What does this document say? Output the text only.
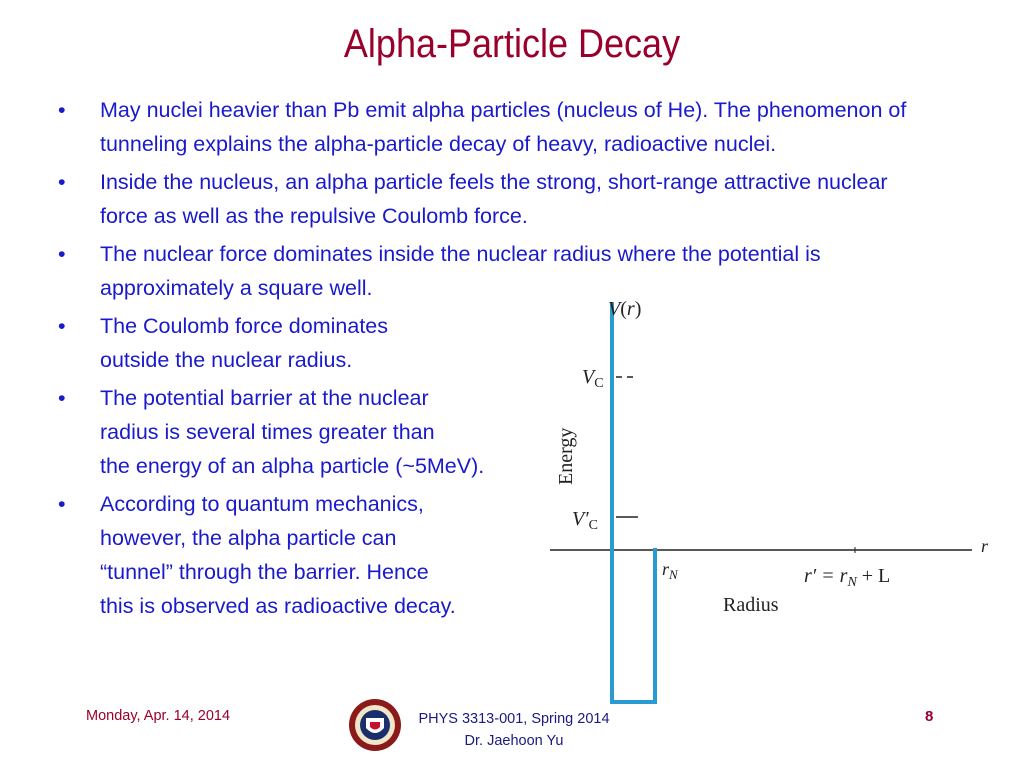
Alpha-Particle Decay
•	May nuclei heavier than Pb emit alpha particles (nucleus of He). The phenomenon of
tunneling explains the alpha-particle decay of heavy, radioactive nuclei.
•	Inside the nucleus, an alpha particle feels the strong, short-range attractive nuclear
force as well as the repulsive Coulomb force.
•	The nuclear force dominates inside the nuclear radius where the potential is
approximately a square well.
•	The Coulomb force dominates
outside the nuclear radius.
•	The potential barrier at the nuclear
radius is several times greater than
the energy of an alpha particle (~5MeV).
•	According to quantum mechanics,
however, the alpha particle can
“tunnel” through the barrier. Hence
this is observed as radioactive decay.
V(r)
Energy
$V_C$
$V'_C$
r
$r_N$	$r' = r_N + L$
Radius
Monday, Apr. 14, 2014	PHYS 3313-001, Spring 2014
Dr. Jaehoon Yu
8
